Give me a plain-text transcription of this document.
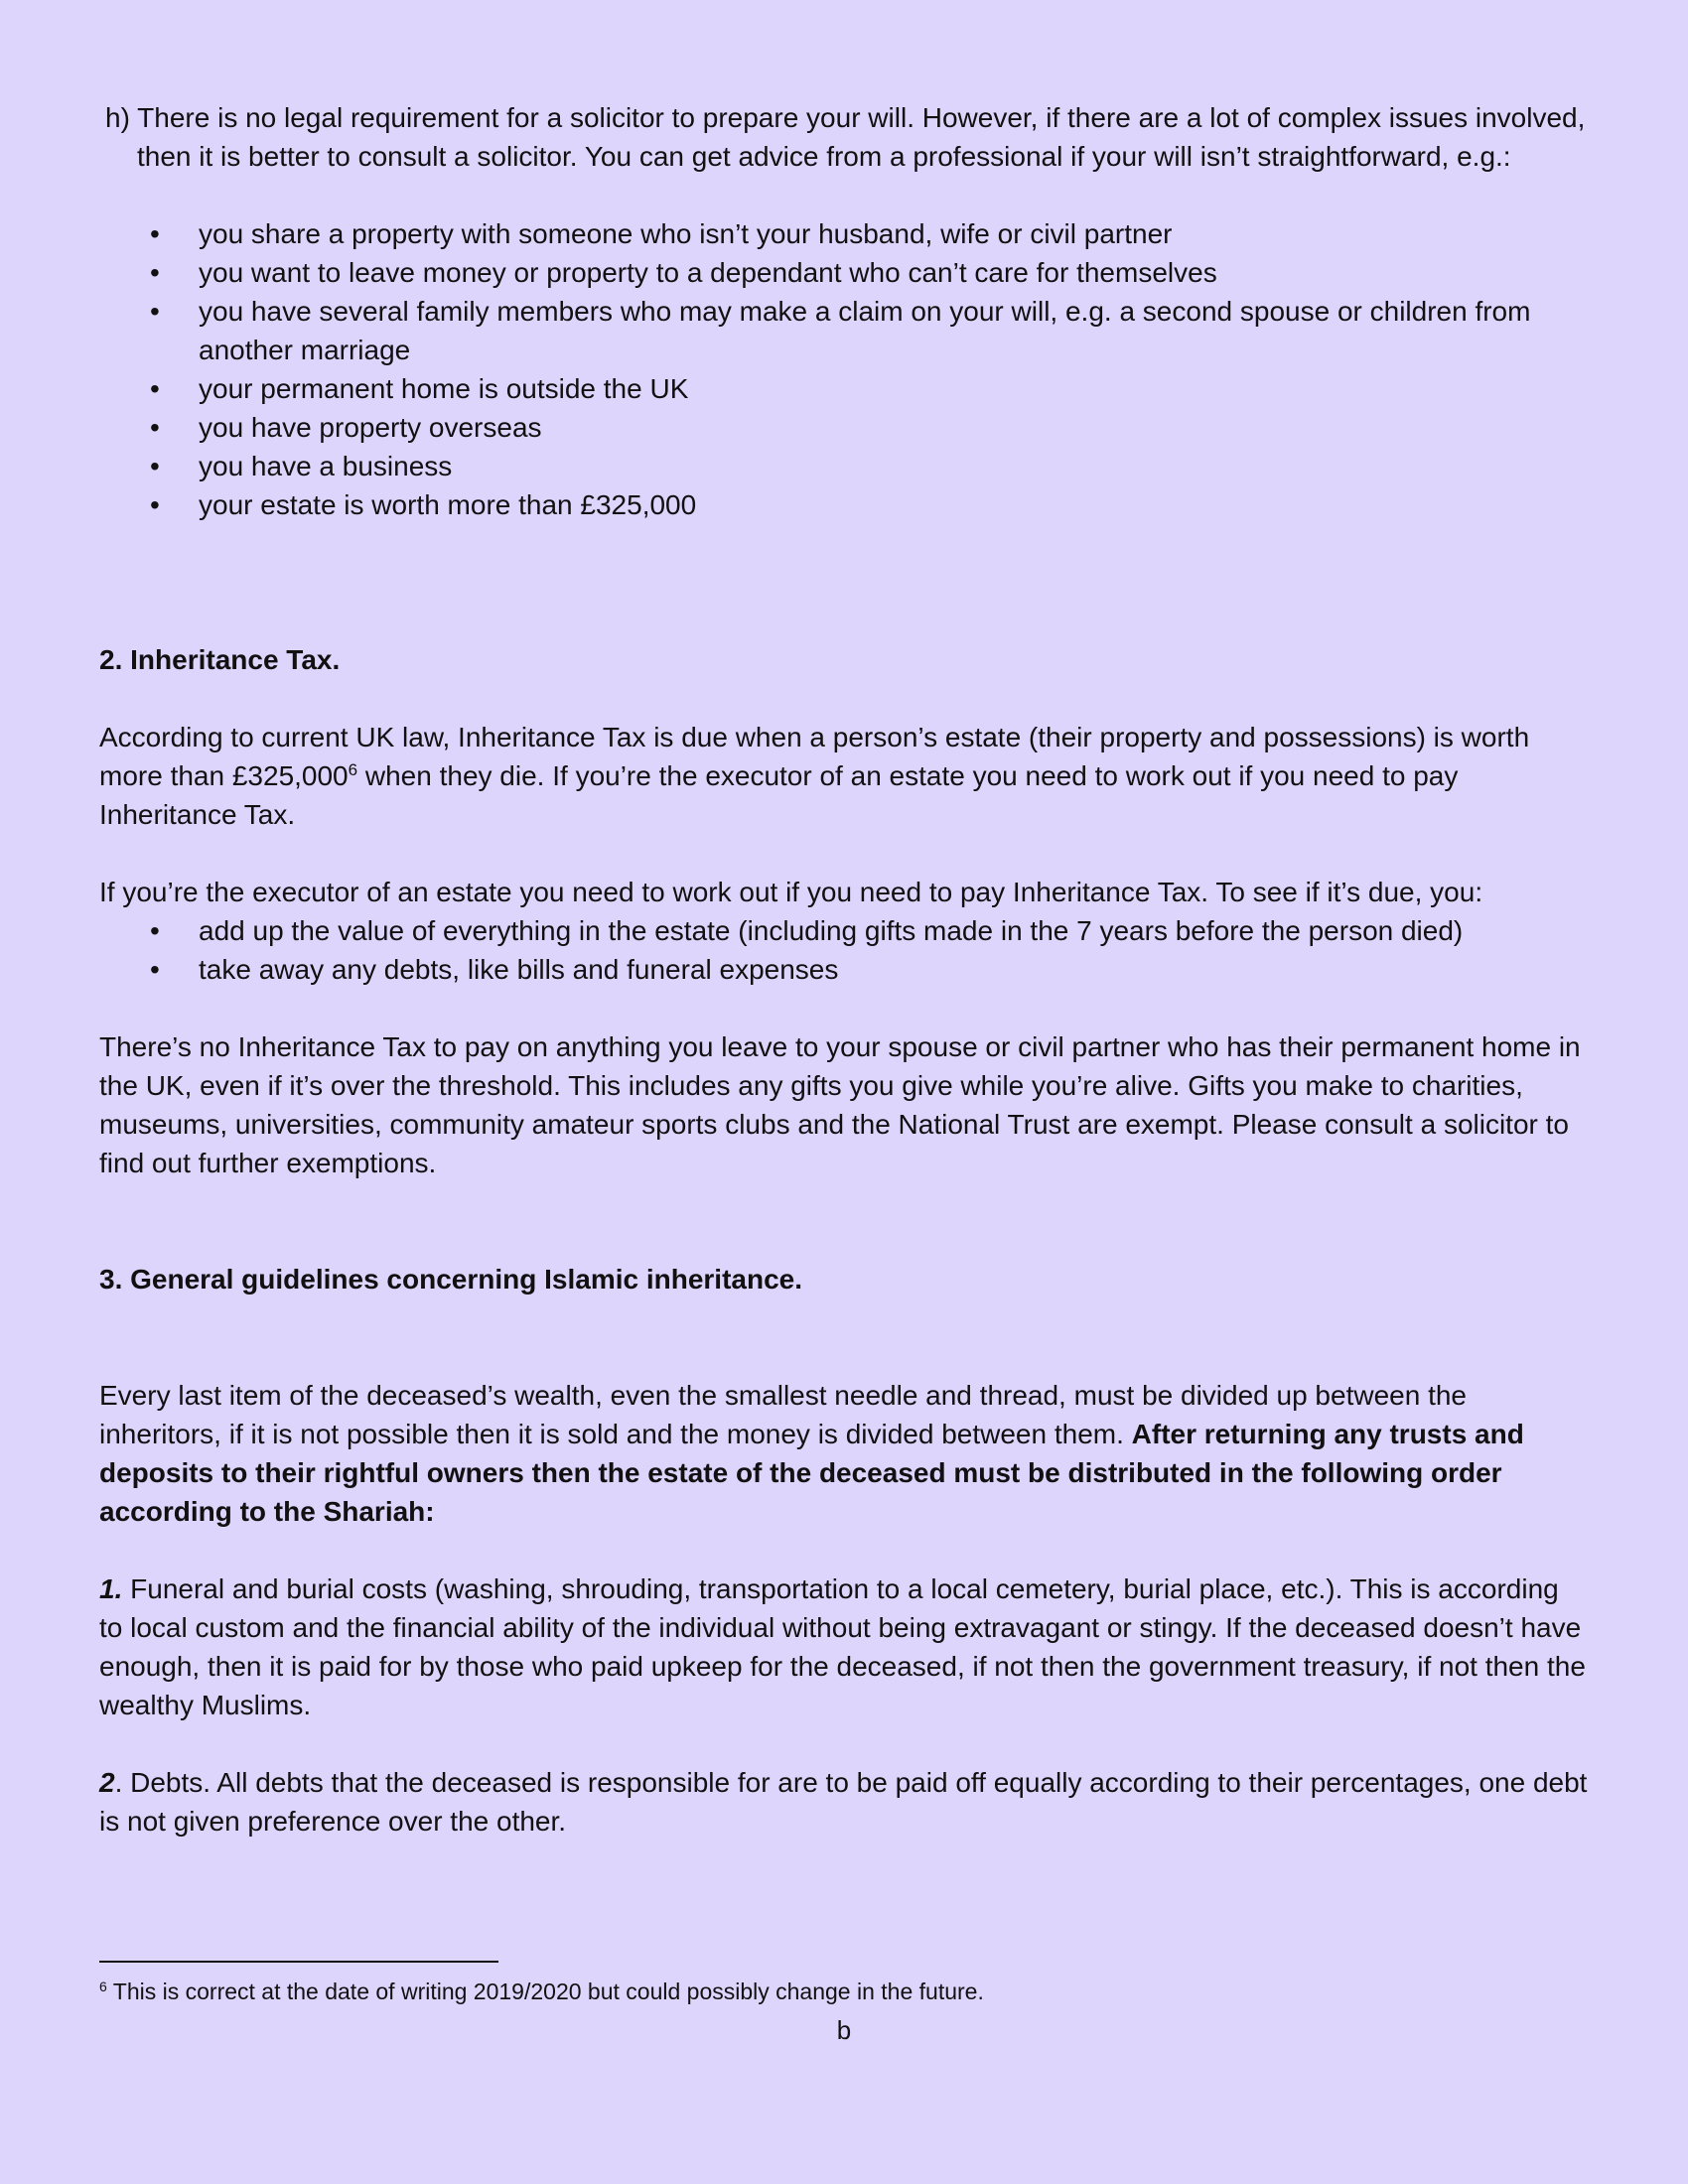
h) There is no legal requirement for a solicitor to prepare your will. However, if there are a lot of complex issues involved, then it is better to consult a solicitor. You can get advice from a professional if your will isn’t straightforward, e.g.:

• you share a property with someone who isn’t your husband, wife or civil partner
• you want to leave money or property to a dependant who can’t care for themselves
• you have several family members who may make a claim on your will, e.g. a second spouse or children from another marriage
• your permanent home is outside the UK
• you have property overseas
• you have a business
• your estate is worth more than £325,000

2. Inheritance Tax.

According to current UK law, Inheritance Tax is due when a person’s estate (their property and possessions) is worth more than £325,000$^6$ when they die. If you’re the executor of an estate you need to work out if you need to pay Inheritance Tax.

If you’re the executor of an estate you need to work out if you need to pay Inheritance Tax. To see if it’s due, you:

• add up the value of everything in the estate (including gifts made in the 7 years before the person died)
• take away any debts, like bills and funeral expenses

There’s no Inheritance Tax to pay on anything you leave to your spouse or civil partner who has their permanent home in the UK, even if it’s over the threshold. This includes any gifts you give while you’re alive. Gifts you make to charities, museums, universities, community amateur sports clubs and the National Trust are exempt. Please consult a solicitor to find out further exemptions.

3. General guidelines concerning Islamic inheritance.

Every last item of the deceased’s wealth, even the smallest needle and thread, must be divided up between the inheritors, if it is not possible then it is sold and the money is divided between them. After returning any trusts and deposits to their rightful owners then the estate of the deceased must be distributed in the following order according to the Shariah:

1. Funeral and burial costs (washing, shrouding, transportation to a local cemetery, burial place, etc.). This is according to local custom and the financial ability of the individual without being extravagant or stingy. If the deceased doesn’t have enough, then it is paid for by those who paid upkeep for the deceased, if not then the government treasury, if not then the wealthy Muslims.

2. Debts. All debts that the deceased is responsible for are to be paid off equally according to their percentages, one debt is not given preference over the other.

$^6$ This is correct at the date of writing 2019/2020 but could possibly change in the future.

b
